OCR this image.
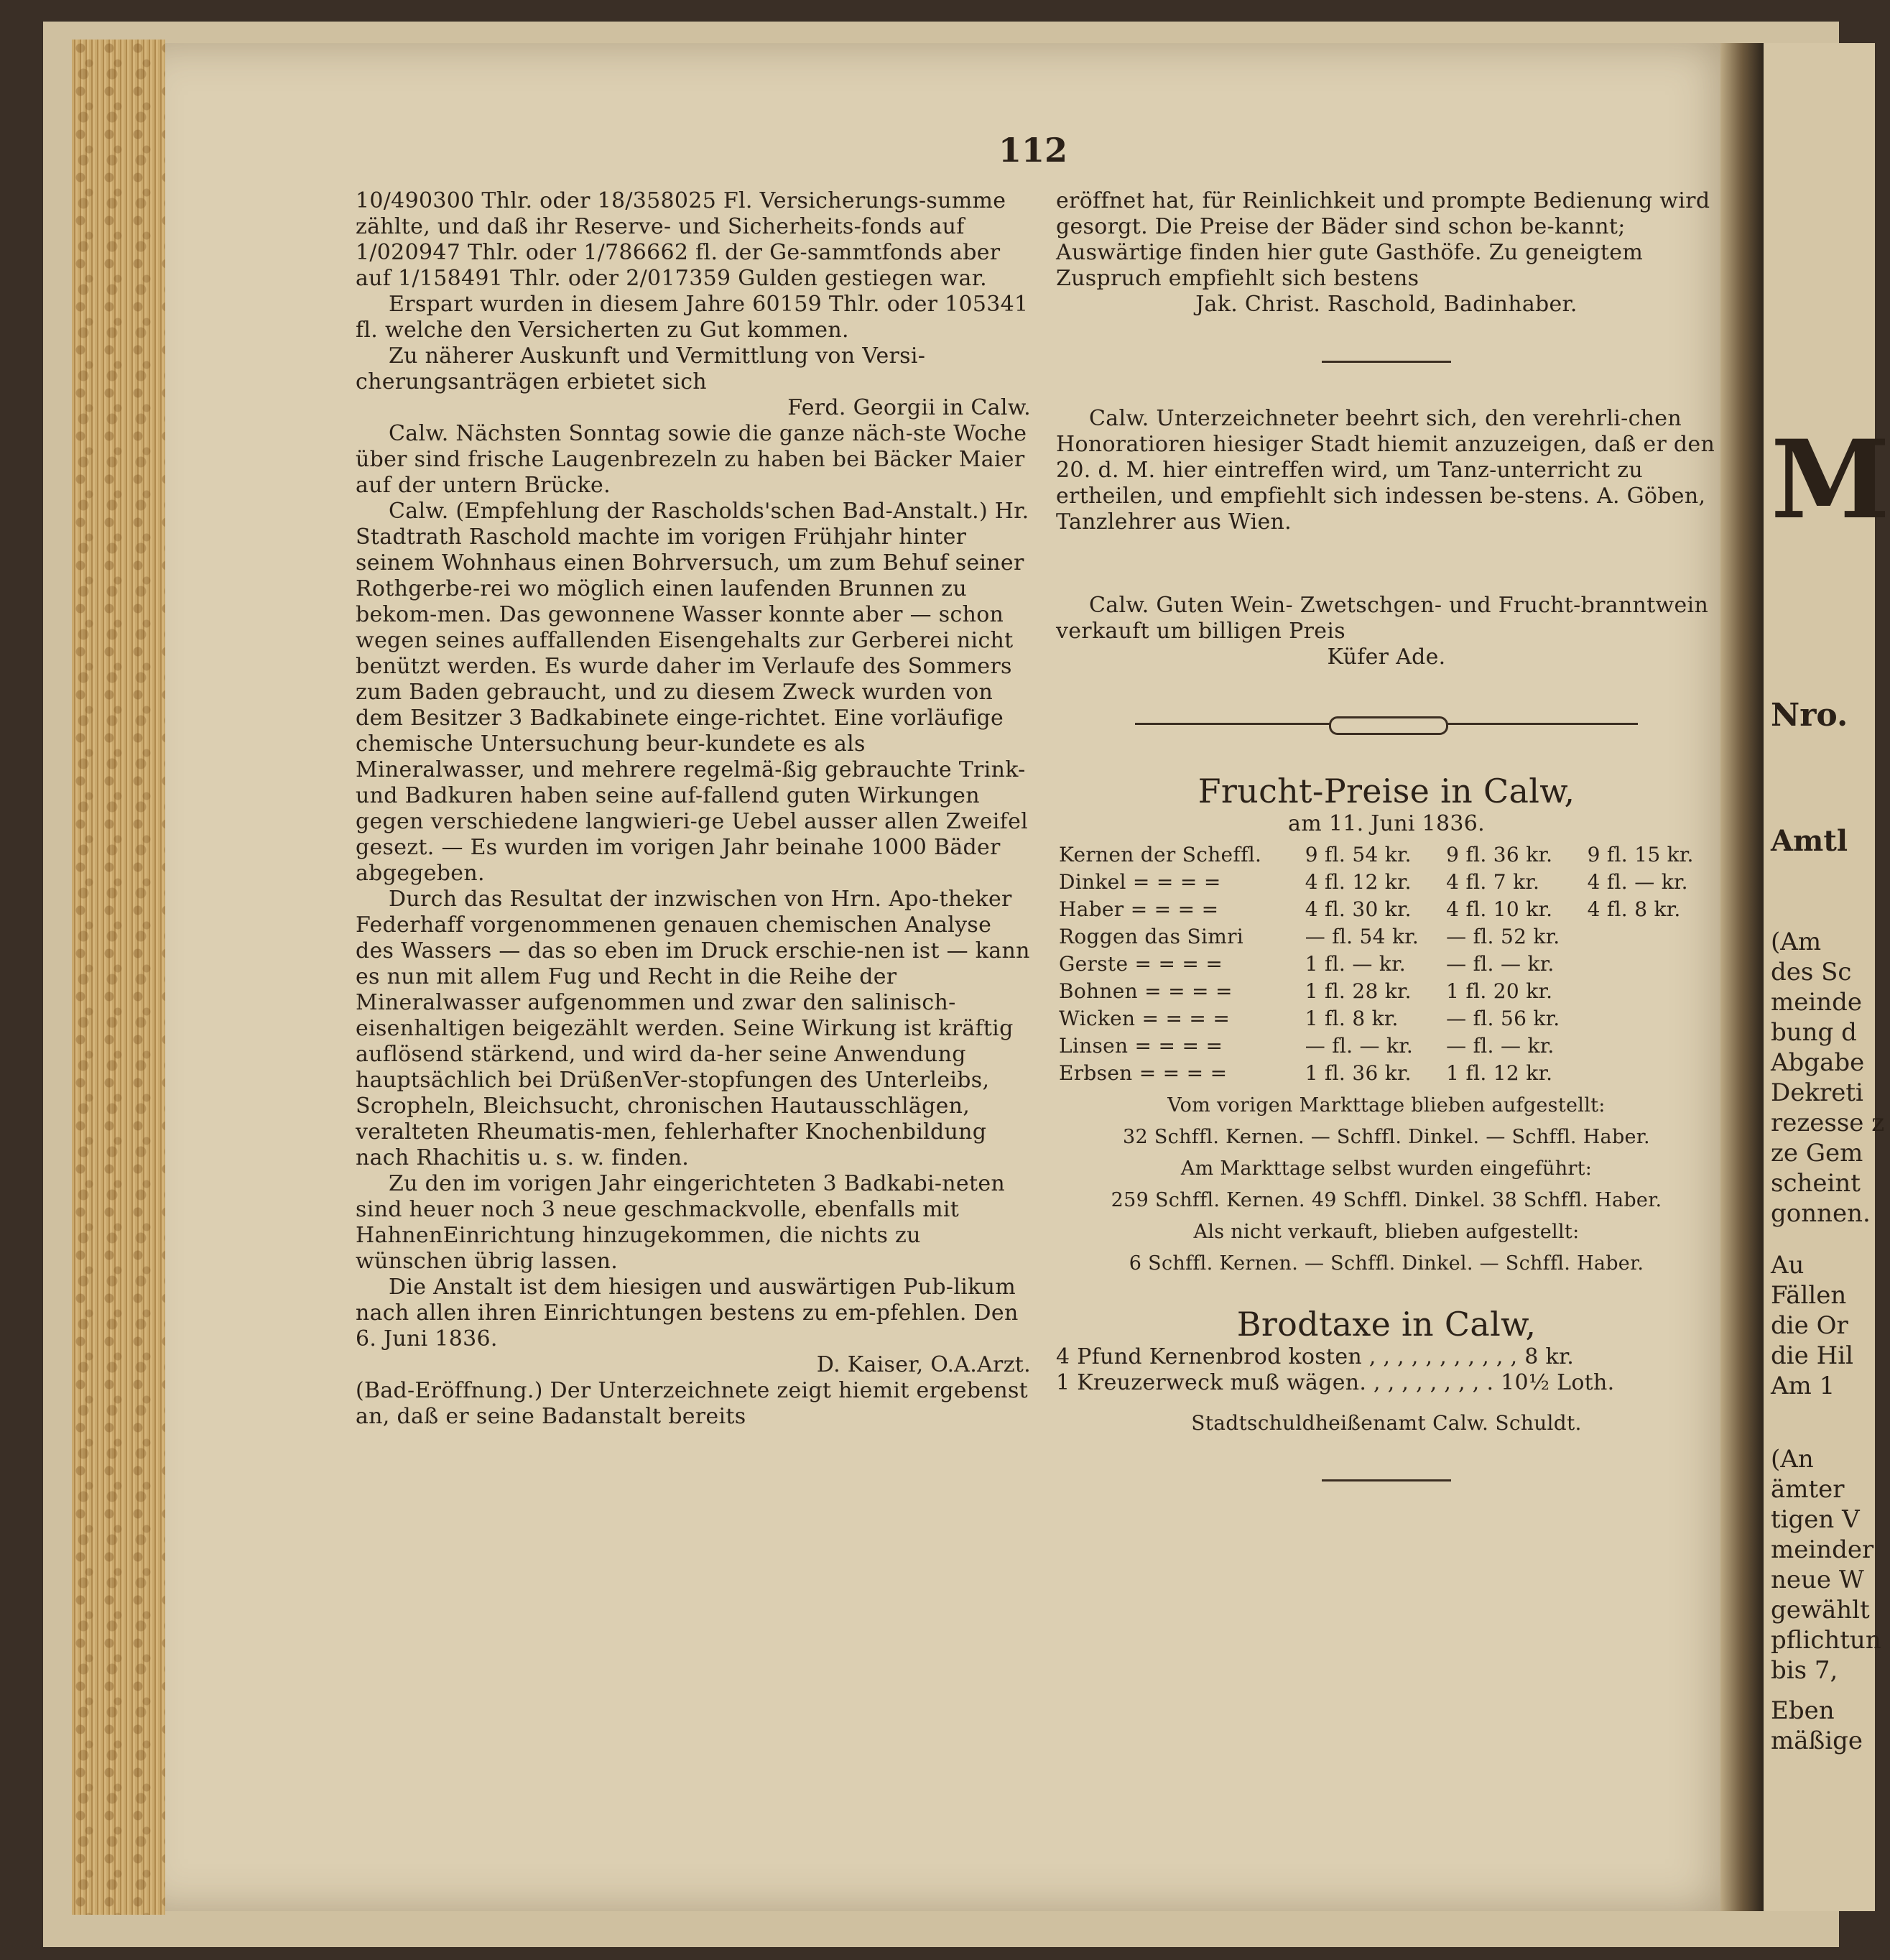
M
Nro.
Amtl
(Am
des Sc
meinde
bung d
Abgabe
Dekreti
rezesse z
ze Gem
scheint
gonnen.
Au
Fällen
die Or
die Hil
Am 1
(An
ämter
tigen V
meinder
neue W
gewählt
pflichtun
bis 7,
Eben
mäßige
112

10/490300 Thlr. oder 18/358025 Fl. Versicherungs-summe zählte, und daß ihr Reserve- und Sicherheits-fonds auf 1/020947 Thlr. oder 1/786662 fl. der Ge-sammtfonds aber auf 1/158491 Thlr. oder 2/017359 Gulden gestiegen war.

Erspart wurden in diesem Jahre 60159 Thlr. oder 105341 fl. welche den Versicherten zu Gut kommen.

Zu näherer Auskunft und Vermittlung von Versi-cherungsanträgen erbietet sich

Ferd. Georgii in Calw.

Calw. Nächsten Sonntag sowie die ganze näch-ste Woche über sind frische Laugenbrezeln zu haben bei Bäcker Maier auf der untern Brücke.

Calw. (Empfehlung der Rascholds'schen Bad-Anstalt.) Hr. Stadtrath Raschold machte im vorigen Frühjahr hinter seinem Wohnhaus einen Bohrversuch, um zum Behuf seiner Rothgerbe-rei wo möglich einen laufenden Brunnen zu bekom-men. Das gewonnene Wasser konnte aber — schon wegen seines auffallenden Eisengehalts zur Gerberei nicht benützt werden. Es wurde daher im Verlaufe des Sommers zum Baden gebraucht, und zu diesem Zweck wurden von dem Besitzer 3 Badkabinete einge-richtet. Eine vorläufige chemische Untersuchung beur-kundete es als Mineralwasser, und mehrere regelmä-ßig gebrauchte Trink- und Badkuren haben seine auf-fallend guten Wirkungen gegen verschiedene langwieri-ge Uebel ausser allen Zweifel gesezt. — Es wurden im vorigen Jahr beinahe 1000 Bäder abgegeben.

Durch das Resultat der inzwischen von Hrn. Apo-theker Federhaff vorgenommenen genauen chemischen Analyse des Wassers — das so eben im Druck erschie-nen ist — kann es nun mit allem Fug und Recht in die Reihe der Mineralwasser aufgenommen und zwar den salinisch-eisenhaltigen beigezählt werden. Seine Wirkung ist kräftig auflösend stärkend, und wird da-her seine Anwendung hauptsächlich bei DrüßenVer-stopfungen des Unterleibs, Scropheln, Bleichsucht, chronischen Hautausschlägen, veralteten Rheumatis-men, fehlerhafter Knochenbildung nach Rhachitis u. s. w. finden.

Zu den im vorigen Jahr eingerichteten 3 Badkabi-neten sind heuer noch 3 neue geschmackvolle, ebenfalls mit HahnenEinrichtung hinzugekommen, die nichts zu wünschen übrig lassen.

Die Anstalt ist dem hiesigen und auswärtigen Pub-likum nach allen ihren Einrichtungen bestens zu em-pfehlen. Den 6. Juni 1836.

D. Kaiser, O.A.Arzt.

(Bad-Eröffnung.) Der Unterzeichnete zeigt hiemit ergebenst an, daß er seine Badanstalt bereits

eröffnet hat, für Reinlichkeit und prompte Bedienung wird gesorgt. Die Preise der Bäder sind schon be-kannt; Auswärtige finden hier gute Gasthöfe. Zu geneigtem Zuspruch empfiehlt sich bestens

Jak. Christ. Raschold, Badinhaber.

Calw. Unterzeichneter beehrt sich, den verehrli-chen Honoratioren hiesiger Stadt hiemit anzuzeigen, daß er den 20. d. M. hier eintreffen wird, um Tanz-unterricht zu ertheilen, und empfiehlt sich indessen be-stens. A. Göben, Tanzlehrer aus Wien.

Calw. Guten Wein- Zwetschgen- und Frucht-branntwein verkauft um billigen Preis

Küfer Ade.

Frucht-Preise in Calw,
am 11. Juni 1836.
Kernen der Scheffl.	9 fl. 54 kr.	9 fl. 36 kr.	9 fl. 15 kr.
Dinkel = = = =	4 fl. 12 kr.	4 fl. 7 kr.	4 fl. — kr.
Haber = = = =	4 fl. 30 kr.	4 fl. 10 kr.	4 fl. 8 kr.
Roggen das Simri	— fl. 54 kr.	— fl. 52 kr.	
Gerste = = = =	1 fl. — kr.	— fl. — kr.	
Bohnen = = = =	1 fl. 28 kr.	1 fl. 20 kr.	
Wicken = = = =	1 fl. 8 kr.	— fl. 56 kr.	
Linsen = = = =	— fl. — kr.	— fl. — kr.	
Erbsen = = = =	1 fl. 36 kr.	1 fl. 12 kr.	
Vom vorigen Markttage blieben aufgestellt:
32 Schffl. Kernen. — Schffl. Dinkel. — Schffl. Haber.
Am Markttage selbst wurden eingeführt:
259 Schffl. Kernen. 49 Schffl. Dinkel. 38 Schffl. Haber.
Als nicht verkauft, blieben aufgestellt:
6 Schffl. Kernen. — Schffl. Dinkel. — Schffl. Haber.
Brodtaxe in Calw,

4 Pfund Kernenbrod kosten , , , , , , , , , , , 8 kr.

1 Kreuzerweck muß wägen. , , , , , , , , . 10½ Loth.

Stadtschuldheißenamt Calw. Schuldt.
